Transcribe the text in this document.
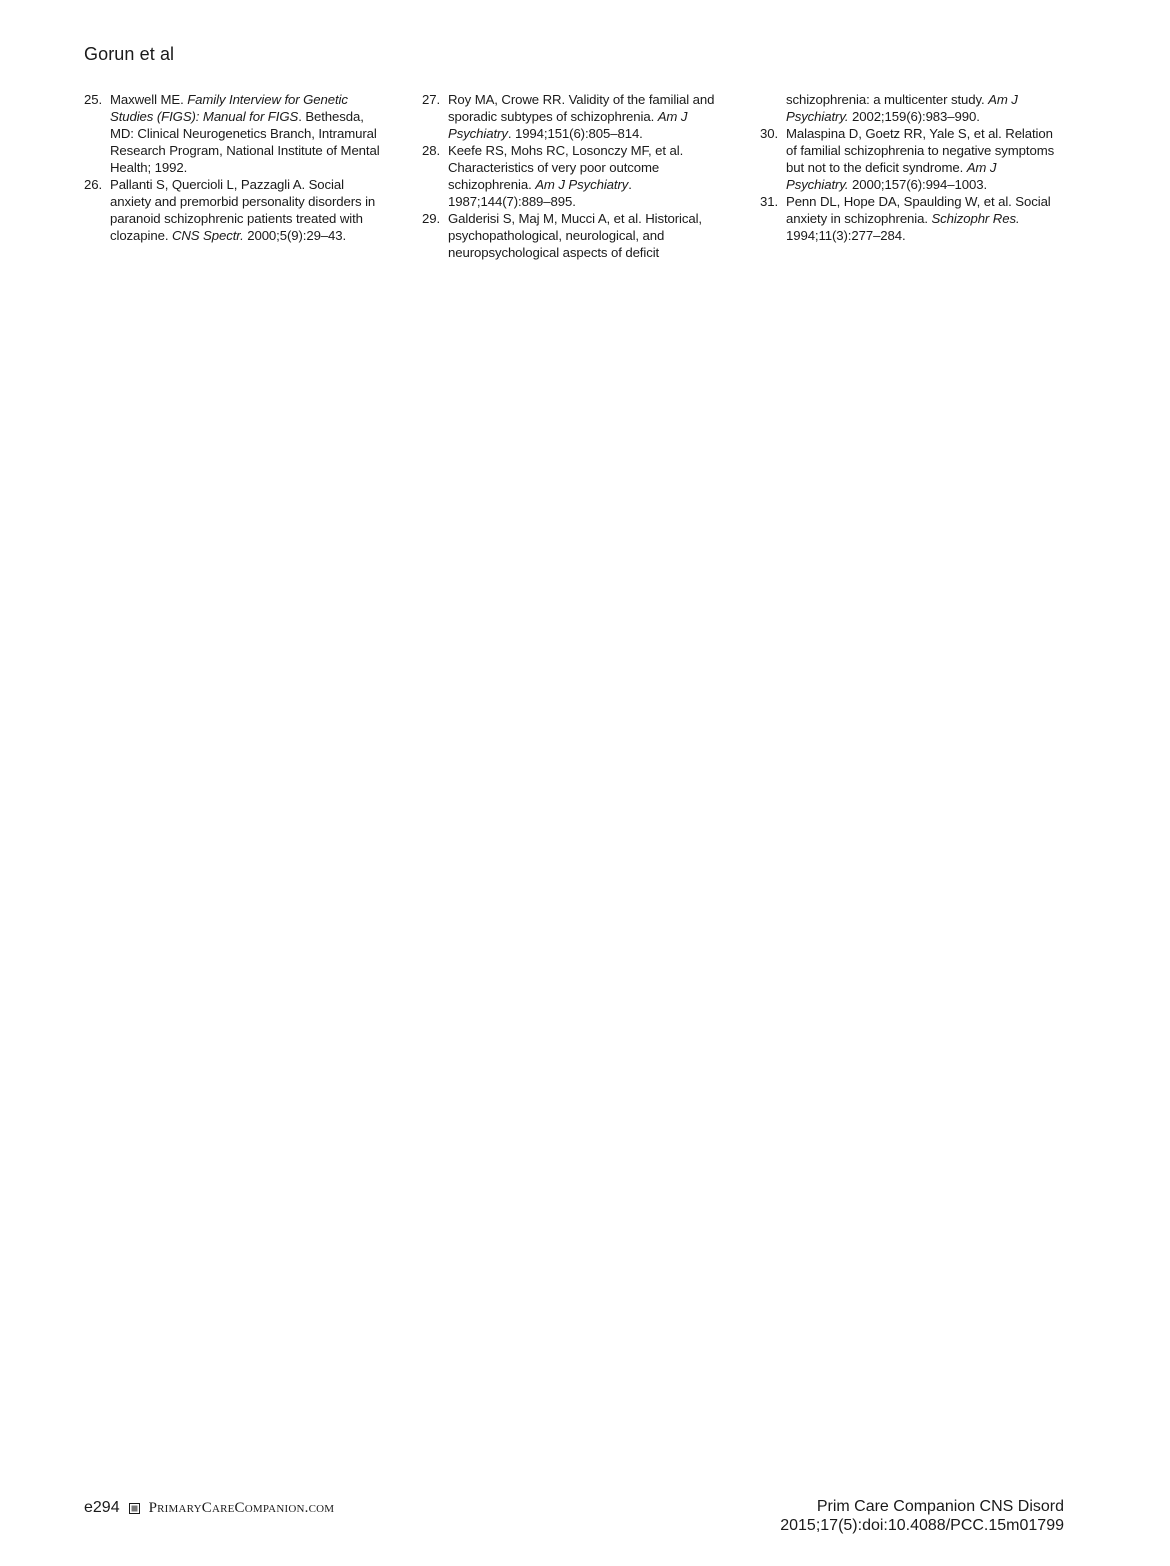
Gorun et al

25. Maxwell ME. Family Interview for Genetic Studies (FIGS): Manual for FIGS. Bethesda, MD: Clinical Neurogenetics Branch, Intramural Research Program, National Institute of Mental Health; 1992.

26. Pallanti S, Quercioli L, Pazzagli A. Social anxiety and premorbid personality disorders in paranoid schizophrenic patients treated with clozapine. CNS Spectr. 2000;5(9):29–43.

27. Roy MA, Crowe RR. Validity of the familial and sporadic subtypes of schizophrenia. Am J Psychiatry. 1994;151(6):805–814.

28. Keefe RS, Mohs RC, Losonczy MF, et al. Characteristics of very poor outcome schizophrenia. Am J Psychiatry. 1987;144(7):889–895.

29. Galderisi S, Maj M, Mucci A, et al. Historical, psychopathological, neurological, and neuropsychological aspects of deficit

schizophrenia: a multicenter study. Am J Psychiatry. 2002;159(6):983–990.

30. Malaspina D, Goetz RR, Yale S, et al. Relation of familial schizophrenia to negative symptoms but not to the deficit syndrome. Am J Psychiatry. 2000;157(6):994–1003.

31. Penn DL, Hope DA, Spaulding W, et al. Social anxiety in schizophrenia. Schizophr Res. 1994;11(3):277–284.

e294 PrimaryCareCompanion.com	Prim Care Companion CNS Disord
2015;17(5):doi:10.4088/PCC.15m01799
